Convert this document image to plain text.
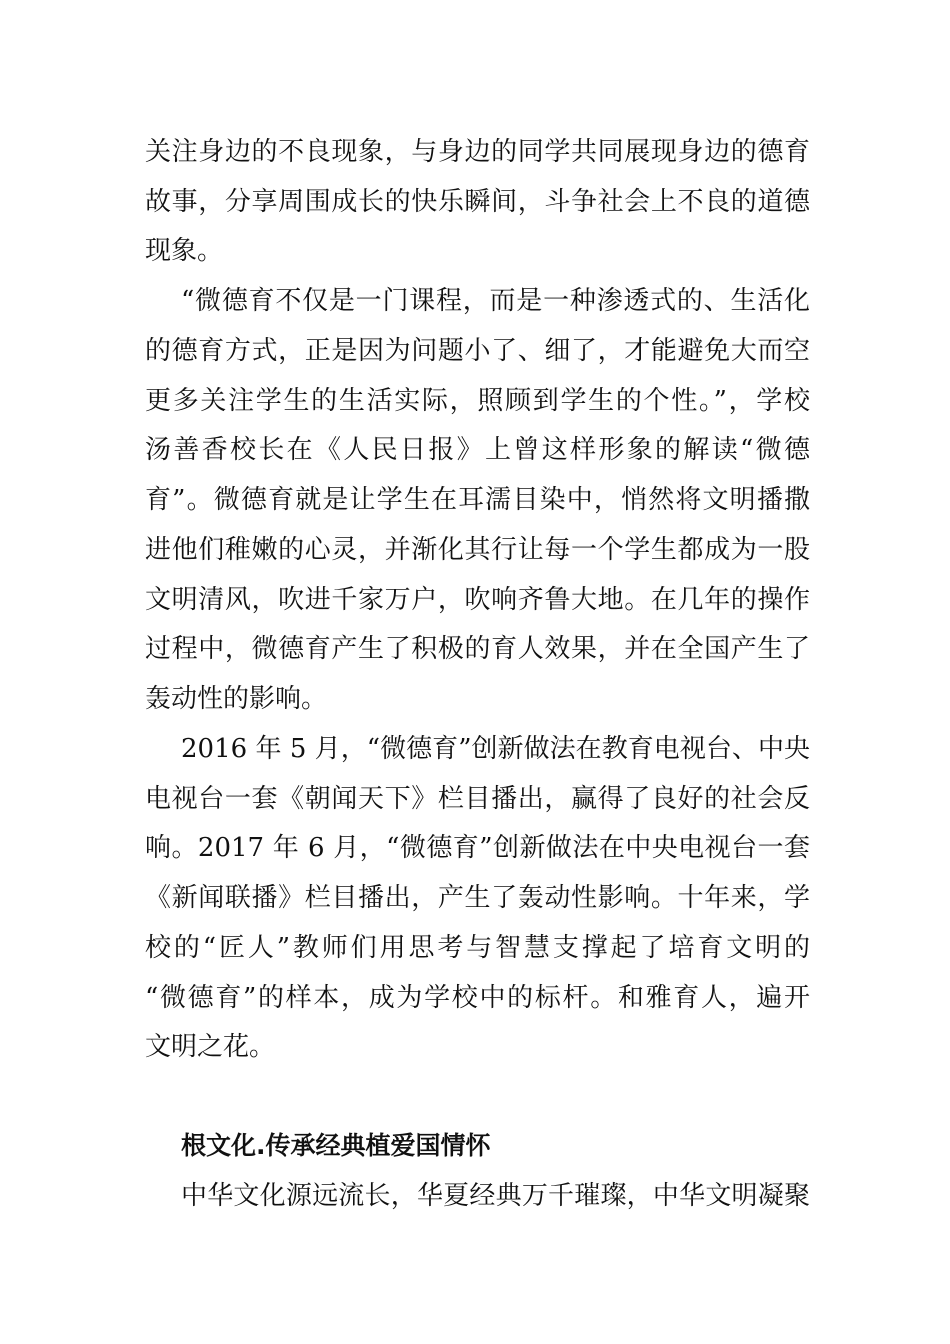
关注身边的不良现象，与身边的同学共同展现身边的德育
故事，分享周围成长的快乐瞬间，斗争社会上不良的道德
现象。
“微德育不仅是一门课程，而是一种渗透式的、生活化
的德育方式，正是因为问题小了、细了，才能避免大而空
更多关注学生的生活实际，照顾到学生的个性。”，学校
汤善香校长在《人民日报》上曾这样形象的解读“微德
育”。微德育就是让学生在耳濡目染中，悄然将文明播撒
进他们稚嫩的心灵，并渐化其行让每一个学生都成为一股
文明清风，吹进千家万户，吹响齐鲁大地。在几年的操作
过程中，微德育产生了积极的育人效果，并在全国产生了
轰动性的影响。
2016 年 5 月，“微德育”创新做法在教育电视台、中央
电视台一套《朝闻天下》栏目播出，赢得了良好的社会反
响。2017 年 6 月，“微德育”创新做法在中央电视台一套
《新闻联播》栏目播出，产生了轰动性影响。十年来，学
校的“匠人”教师们用思考与智慧支撑起了培育文明的
“微德育”的样本，成为学校中的标杆。和雅育人，遍开
文明之花。
根文化.传承经典植爱国情怀
中华文化源远流长，华夏经典万千璀璨，中华文明凝聚
